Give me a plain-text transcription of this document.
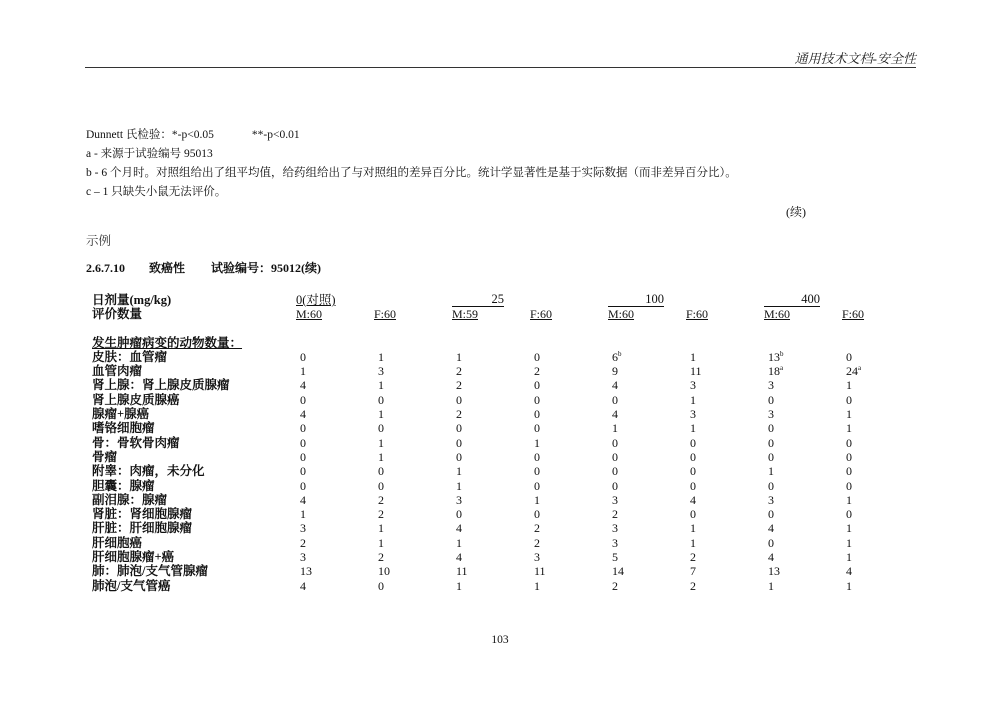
通用技术文档-安全性
Dunnett 氏检验：*-p<0.05	**-p<0.01
a - 来源于试验编号 95013
b - 6 个月时。对照组给出了组平均值，给药组给出了与对照组的差异百分比。统计学显著性是基于实际数据（而非差异百分比）。
c – 1 只缺失小鼠无法评价。
(续)
示例
2.6.7.10 致癌性 试验编号：95012(续)
日剂量(mg/kg)	0(对照)	25	100	400
评价数量	M:60	F:60	M:59	F:60	M:60	F:60	M:60	F:60
发生肿瘤病变的动物数量：
皮肤：血管瘤	0	1	1	0	6$^b$	1	13$^b$	0
血管肉瘤	1	3	2	2	9	11	18$^a$	24$^a$
肾上腺：肾上腺皮质腺瘤	4	1	2	0	4	3	3	1
肾上腺皮质腺癌	0	0	0	0	0	1	0	0
腺瘤+腺癌	4	1	2	0	4	3	3	1
嗜铬细胞瘤	0	0	0	0	1	1	0	1
骨：骨软骨肉瘤	0	1	0	1	0	0	0	0
骨瘤	0	1	0	0	0	0	0	0
附睾：肉瘤，未分化	0	0	1	0	0	0	1	0
胆囊：腺瘤	0	0	1	0	0	0	0	0
副泪腺：腺瘤	4	2	3	1	3	4	3	1
肾脏：肾细胞腺瘤	1	2	0	0	2	0	0	0
肝脏：肝细胞腺瘤	3	1	4	2	3	1	4	1
肝细胞癌	2	1	1	2	3	1	0	1
肝细胞腺瘤+癌	3	2	4	3	5	2	4	1
肺：肺泡/支气管腺瘤	13	10	11	11	14	7	13	4
肺泡/支气管癌	4	0	1	1	2	2	1	1
103
